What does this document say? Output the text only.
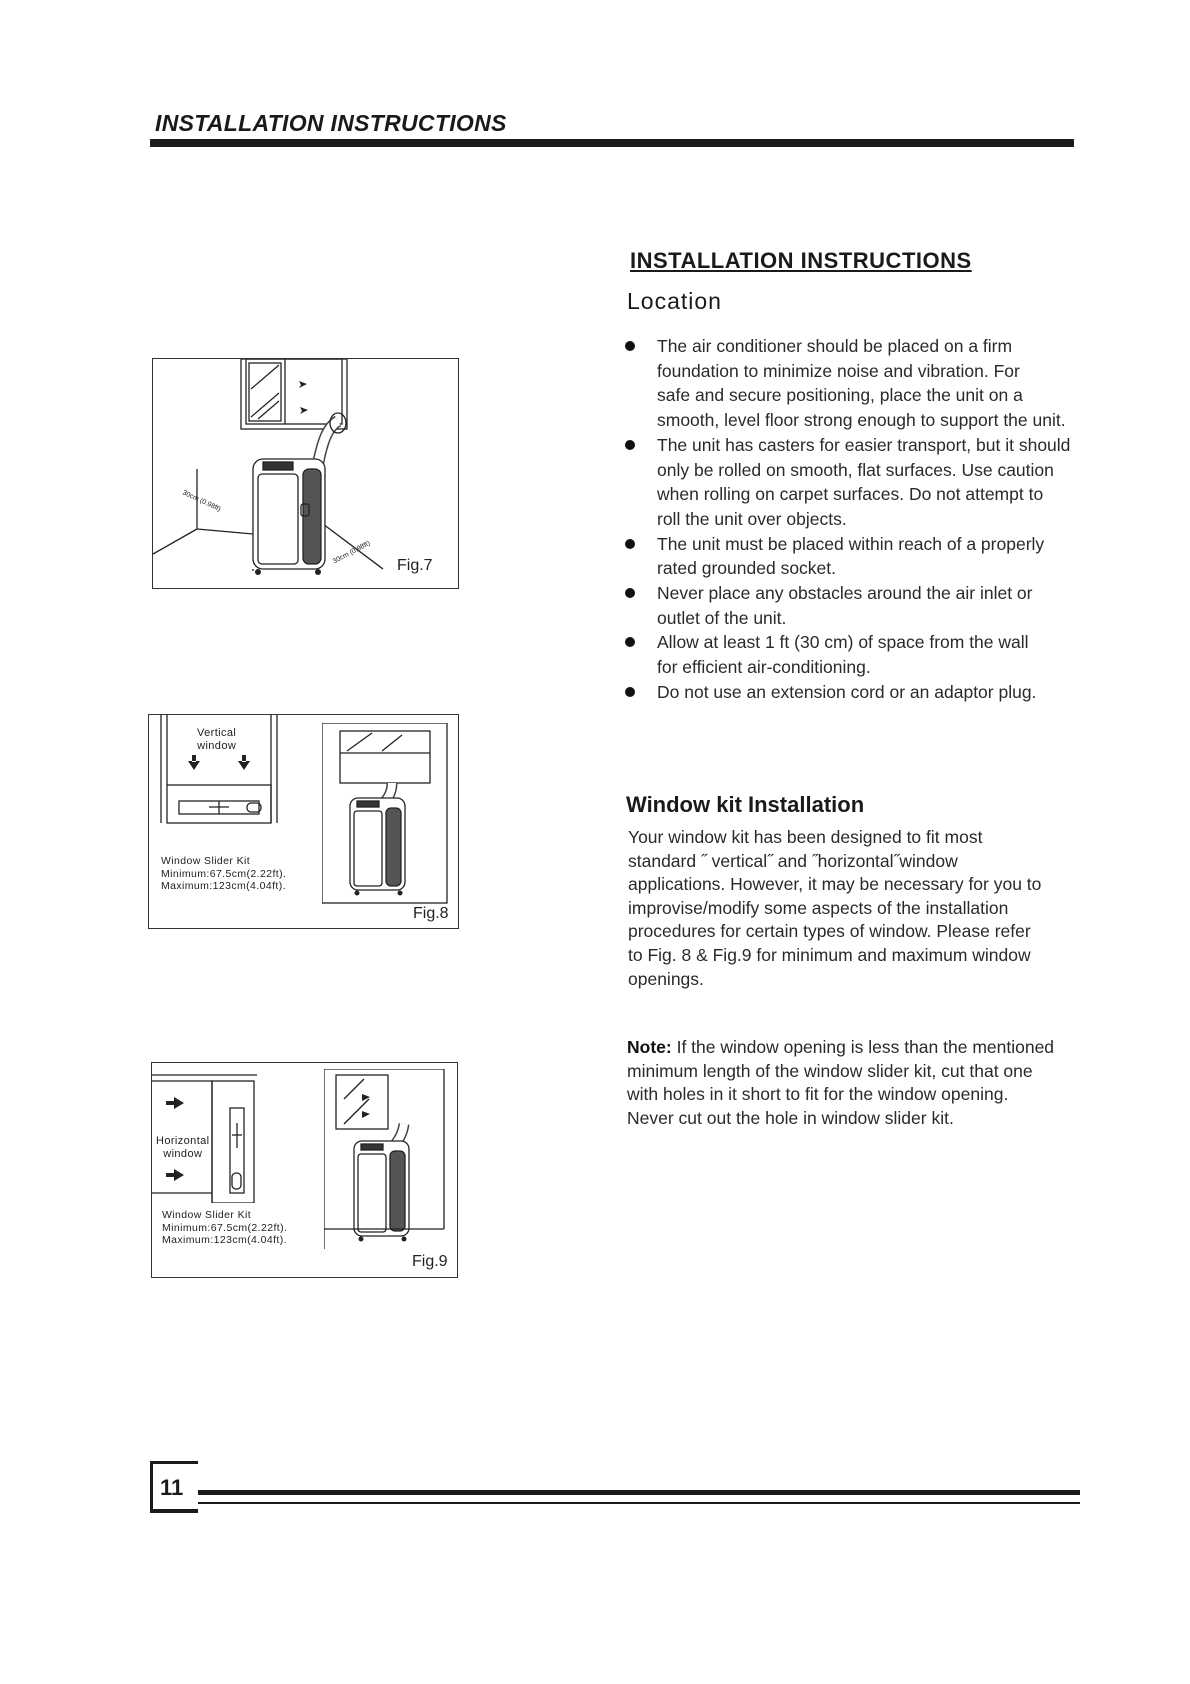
INSTALLATION INSTRUCTIONS
INSTALLATION INSTRUCTIONS
Location
The air conditioner should be placed on a firm
foundation to minimize noise and vibration. For
safe and secure positioning, place the unit on a
smooth, level floor strong enough to support the unit.
The unit has casters for easier transport, but it should
only be rolled on smooth, flat surfaces. Use caution
when rolling on carpet surfaces. Do not attempt to
roll the unit over objects.
The unit must be placed within reach of a properly
rated grounded socket.
Never place any obstacles around the air inlet or
outlet of the unit.
Allow at least 1 ft (30 cm) of space from the wall
for efficient air-conditioning.
Do not use an extension cord or an adaptor plug.
Window kit Installation
Your window kit has been designed to fit most
standard ˝ vertical˝ and ˝horizontal˝window
applications. However, it may be necessary for you to
improvise/modify some aspects of the installation
procedures for certain types of window. Please refer
to Fig. 8 & Fig.9 for minimum and maximum window
openings.
Note: If the window opening is less than the mentioned
minimum length of the window slider kit, cut that one
with holes in it short to fit for the window opening.
Never cut out the hole in window slider kit.
30cm (0.98ft)
30cm (0.98ft)
Fig.7
Vertical
window
Window Slider Kit
Minimum:67.5cm(2.22ft).
Maximum:123cm(4.04ft).
Fig.8
Horizontal
window
Window Slider Kit
Minimum:67.5cm(2.22ft).
Maximum:123cm(4.04ft).
Fig.9
11
